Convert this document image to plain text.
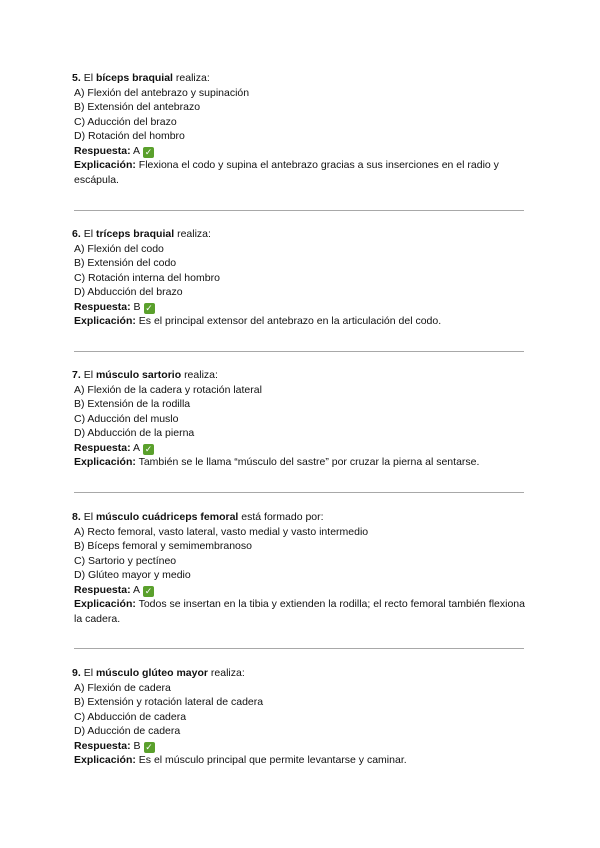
5. El bíceps braquial realiza:

A) Flexión del antebrazo y supinación

B) Extensión del antebrazo

C) Aducción del brazo

D) Rotación del hombro

Respuesta: A ✓

Explicación: Flexiona el codo y supina el antebrazo gracias a sus inserciones en el radio y escápula.

6. El tríceps braquial realiza:

A) Flexión del codo

B) Extensión del codo

C) Rotación interna del hombro

D) Abducción del brazo

Respuesta: B ✓

Explicación: Es el principal extensor del antebrazo en la articulación del codo.

7. El músculo sartorio realiza:

A) Flexión de la cadera y rotación lateral

B) Extensión de la rodilla

C) Aducción del muslo

D) Abducción de la pierna

Respuesta: A ✓

Explicación: También se le llama “músculo del sastre” por cruzar la pierna al sentarse.

8. El músculo cuádriceps femoral está formado por:

A) Recto femoral, vasto lateral, vasto medial y vasto intermedio

B) Bíceps femoral y semimembranoso

C) Sartorio y pectíneo

D) Glúteo mayor y medio

Respuesta: A ✓

Explicación: Todos se insertan en la tibia y extienden la rodilla; el recto femoral también flexiona la cadera.

9. El músculo glúteo mayor realiza:

A) Flexión de cadera

B) Extensión y rotación lateral de cadera

C) Abducción de cadera

D) Aducción de cadera

Respuesta: B ✓

Explicación: Es el músculo principal que permite levantarse y caminar.
